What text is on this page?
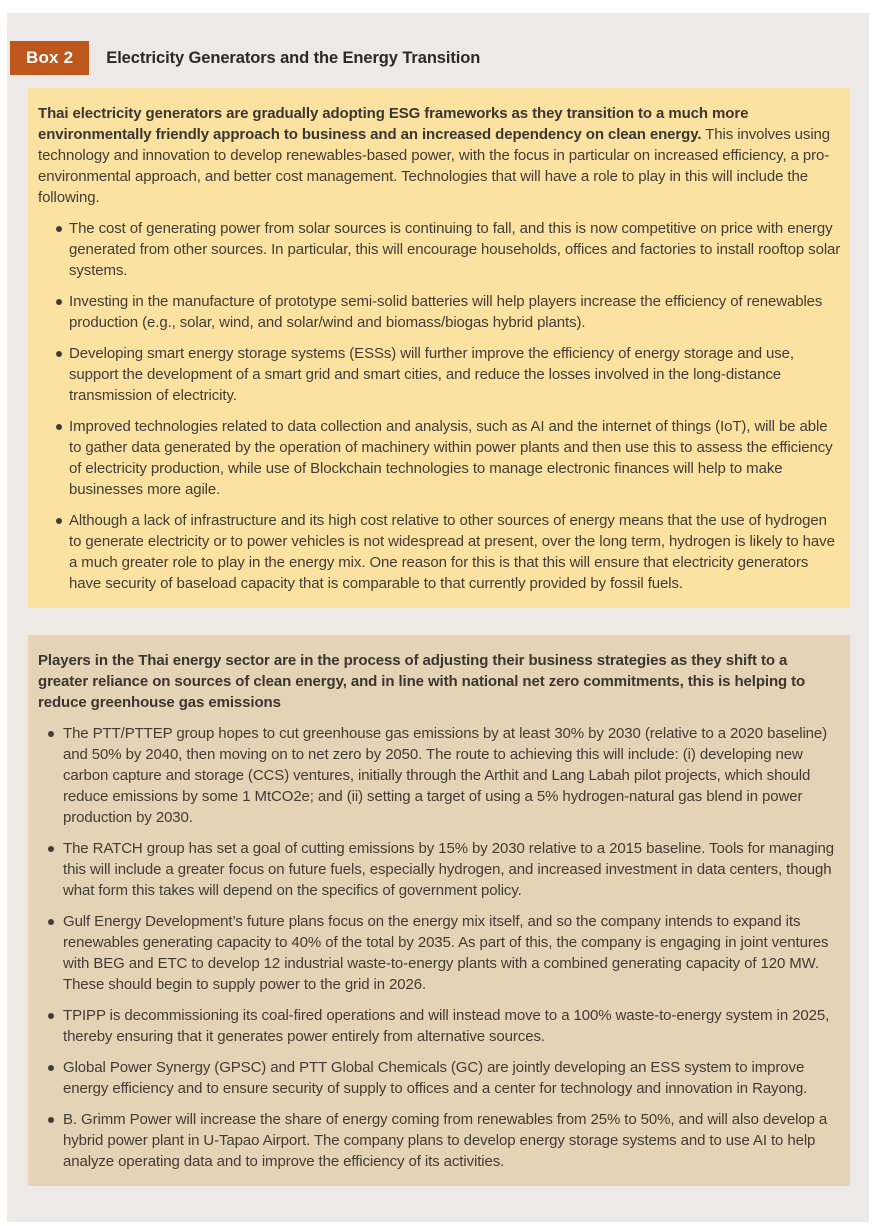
Box 2	Electricity Generators and the Energy Transition

Thai electricity generators are gradually adopting ESG frameworks as they transition to a much more environmentally friendly approach to business and an increased dependency on clean energy. This involves using technology and innovation to develop renewables-based power, with the focus in particular on increased efficiency, a pro-environmental approach, and better cost management. Technologies that will have a role to play in this will include the following.

The cost of generating power from solar sources is continuing to fall, and this is now competitive on price with energy generated from other sources. In particular, this will encourage households, offices and factories to install rooftop solar systems.
Investing in the manufacture of prototype semi-solid batteries will help players increase the efficiency of renewables production (e.g., solar, wind, and solar/wind and biomass/biogas hybrid plants).
Developing smart energy storage systems (ESSs) will further improve the efficiency of energy storage and use, support the development of a smart grid and smart cities, and reduce the losses involved in the long-distance transmission of electricity.
Improved technologies related to data collection and analysis, such as AI and the internet of things (IoT), will be able to gather data generated by the operation of machinery within power plants and then use this to assess the efficiency of electricity production, while use of Blockchain technologies to manage electronic finances will help to make businesses more agile.
Although a lack of infrastructure and its high cost relative to other sources of energy means that the use of hydrogen to generate electricity or to power vehicles is not widespread at present, over the long term, hydrogen is likely to have a much greater role to play in the energy mix. One reason for this is that this will ensure that electricity generators have security of baseload capacity that is comparable to that currently provided by fossil fuels.

Players in the Thai energy sector are in the process of adjusting their business strategies as they shift to a greater reliance on sources of clean energy, and in line with national net zero commitments, this is helping to reduce greenhouse gas emissions

The PTT/PTTEP group hopes to cut greenhouse gas emissions by at least 30% by 2030 (relative to a 2020 baseline) and 50% by 2040, then moving on to net zero by 2050. The route to achieving this will include: (i) developing new carbon capture and storage (CCS) ventures, initially through the Arthit and Lang Labah pilot projects, which should reduce emissions by some 1 MtCO2e; and (ii) setting a target of using a 5% hydrogen-natural gas blend in power production by 2030.
The RATCH group has set a goal of cutting emissions by 15% by 2030 relative to a 2015 baseline. Tools for managing this will include a greater focus on future fuels, especially hydrogen, and increased investment in data centers, though what form this takes will depend on the specifics of government policy.
Gulf Energy Development’s future plans focus on the energy mix itself, and so the company intends to expand its renewables generating capacity to 40% of the total by 2035. As part of this, the company is engaging in joint ventures with BEG and ETC to develop 12 industrial waste-to-energy plants with a combined generating capacity of 120 MW. These should begin to supply power to the grid in 2026.
TPIPP is decommissioning its coal-fired operations and will instead move to a 100% waste-to-energy system in 2025, thereby ensuring that it generates power entirely from alternative sources.
Global Power Synergy (GPSC) and PTT Global Chemicals (GC) are jointly developing an ESS system to improve energy efficiency and to ensure security of supply to offices and a center for technology and innovation in Rayong.
B. Grimm Power will increase the share of energy coming from renewables from 25% to 50%, and will also develop a hybrid power plant in U-Tapao Airport. The company plans to develop energy storage systems and to use AI to help analyze operating data and to improve the efficiency of its activities.
